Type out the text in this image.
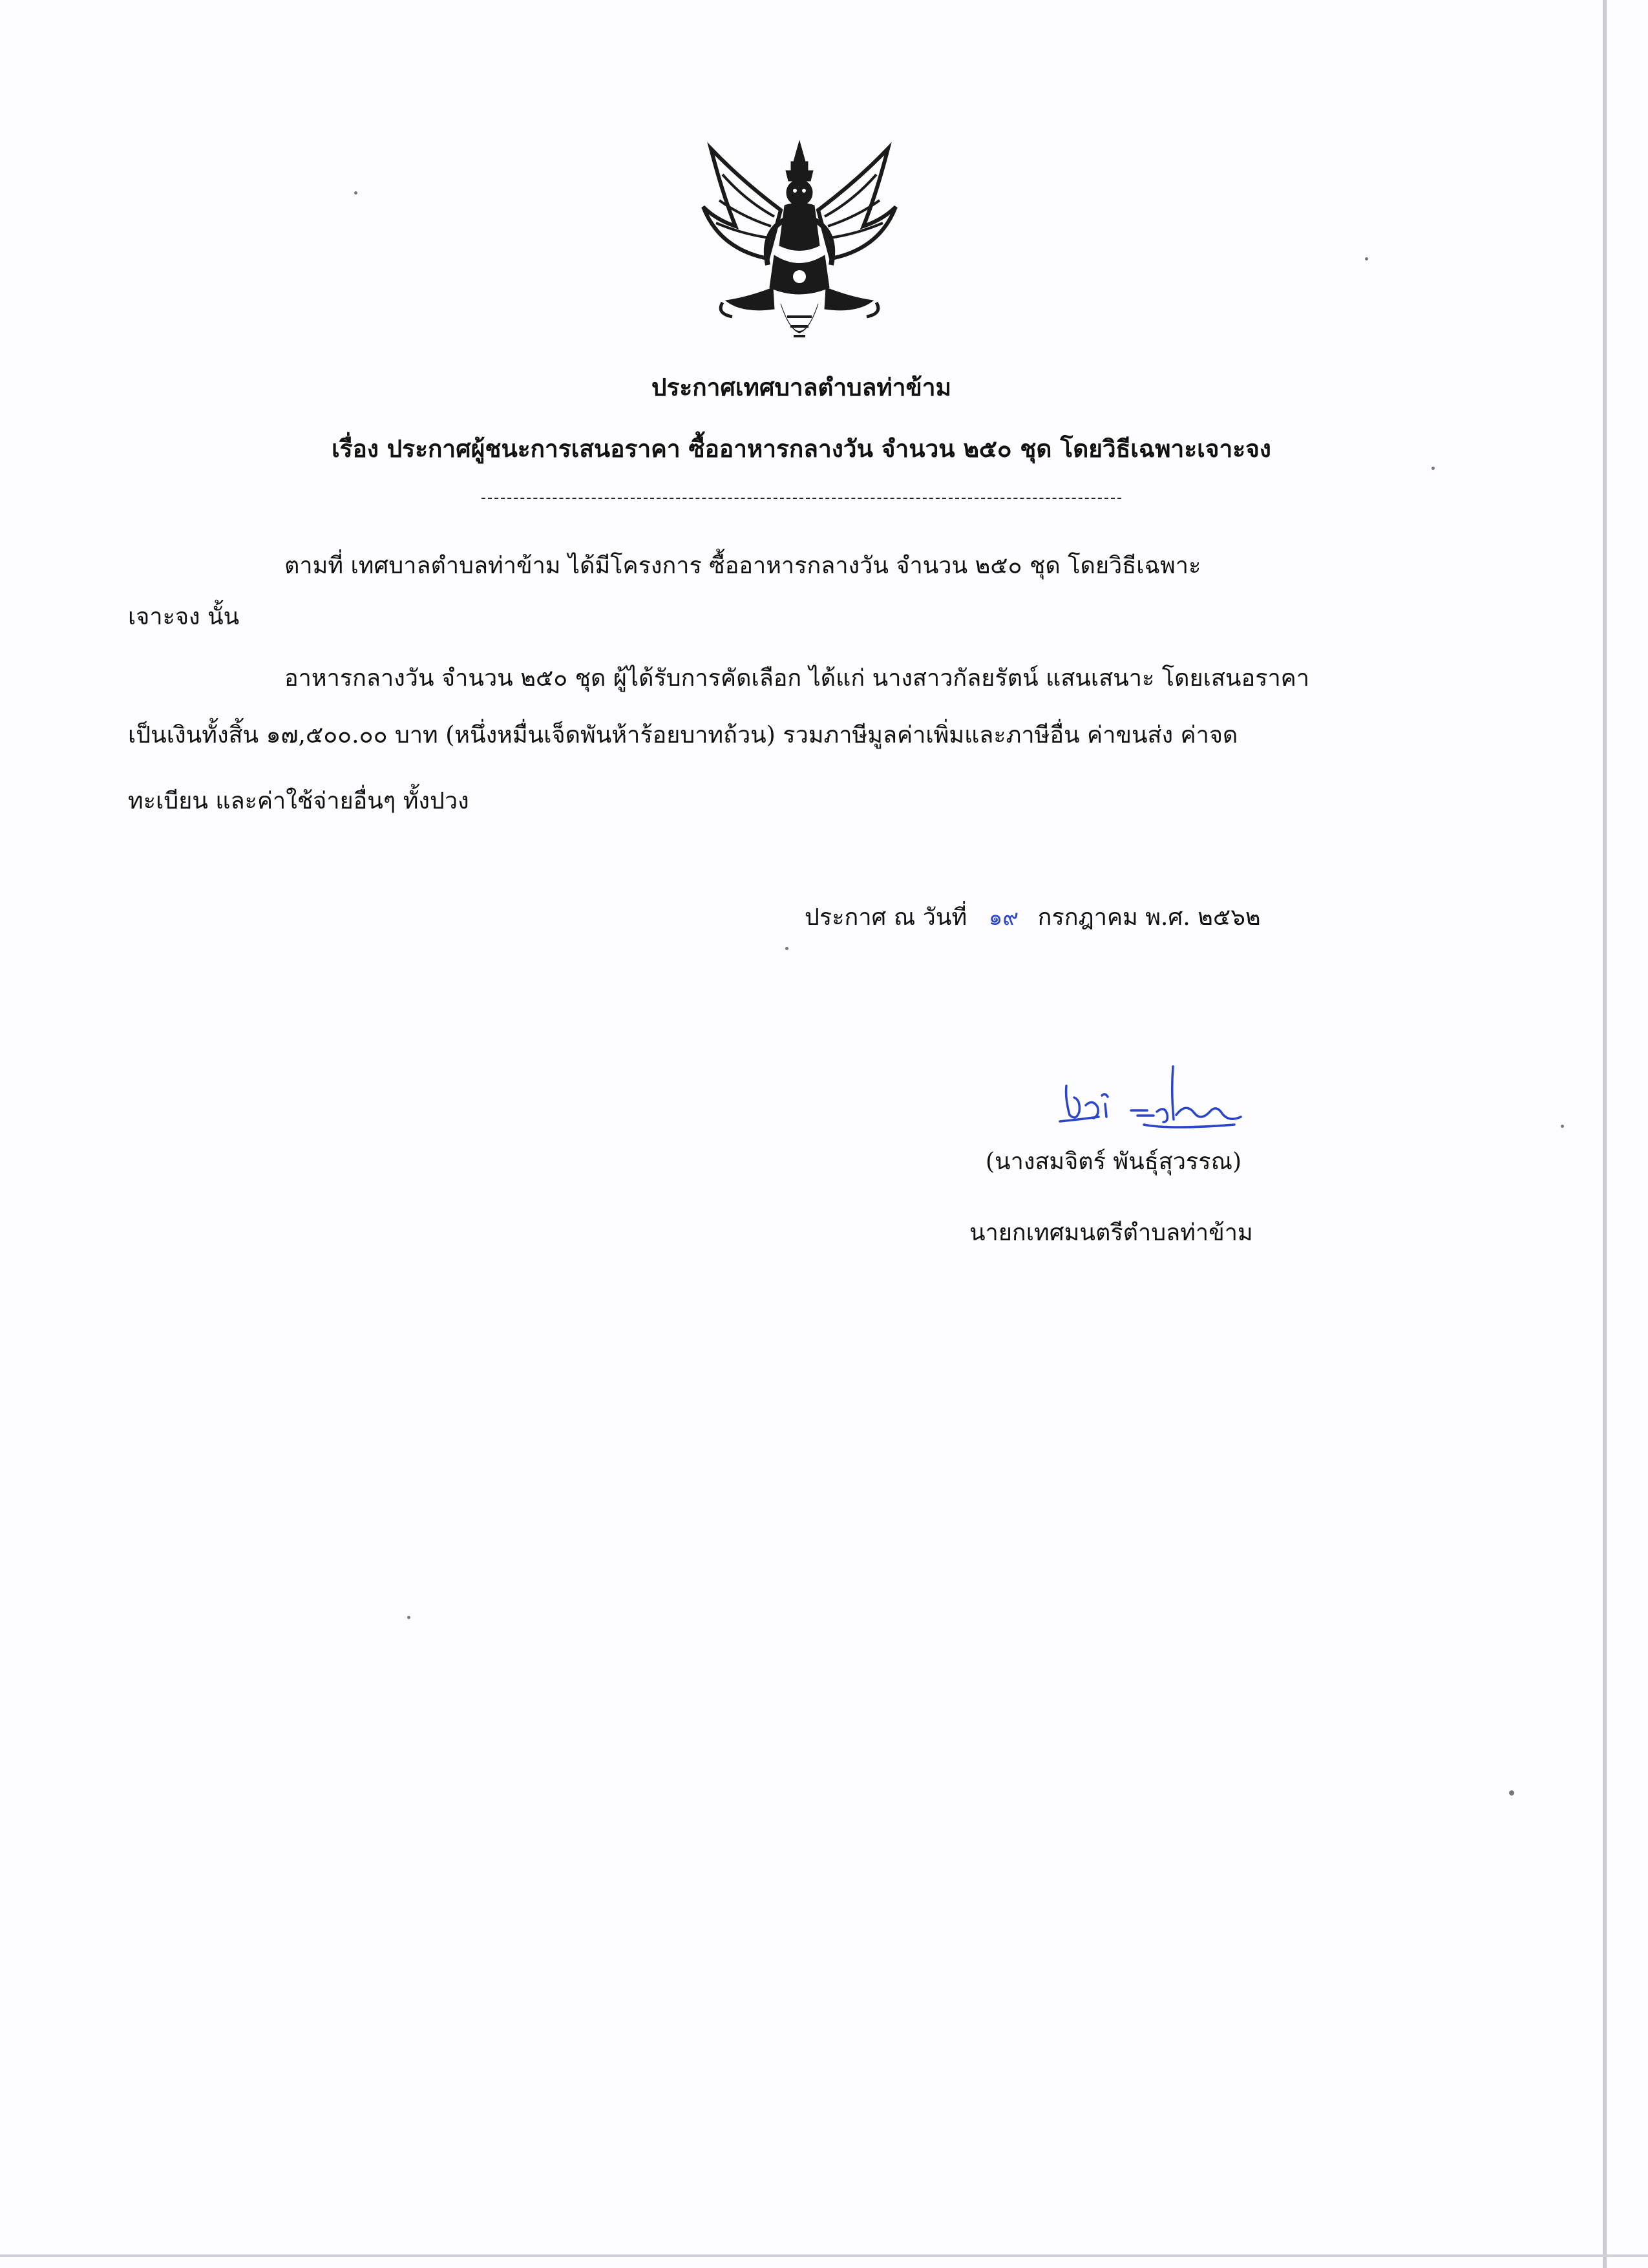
ประกาศเทศบาลตำบลท่าข้าม
เรื่อง ประกาศผู้ชนะการเสนอราคา ซื้ออาหารกลางวัน จำนวน ๒๕๐ ชุด โดยวิธีเฉพาะเจาะจง
ตามที่ เทศบาลตำบลท่าข้าม ได้มีโครงการ ซื้ออาหารกลางวัน จำนวน ๒๕๐ ชุด โดยวิธีเฉพาะ
เจาะจง นั้น
อาหารกลางวัน จำนวน ๒๕๐ ชุด ผู้ได้รับการคัดเลือก ได้แก่ นางสาวกัลยรัตน์ แสนเสนาะ โดยเสนอราคา
เป็นเงินทั้งสิ้น ๑๗,๕๐๐.๐๐ บาท (หนึ่งหมื่นเจ็ดพันห้าร้อยบาทถ้วน) รวมภาษีมูลค่าเพิ่มและภาษีอื่น ค่าขนส่ง ค่าจด
ทะเบียน และค่าใช้จ่ายอื่นๆ ทั้งปวง
ประกาศ ณ วันที่ ๑๙ กรกฎาคม พ.ศ. ๒๕๖๒
(นางสมจิตร์ พันธุ์สุวรรณ)
นายกเทศมนตรีตำบลท่าข้าม
